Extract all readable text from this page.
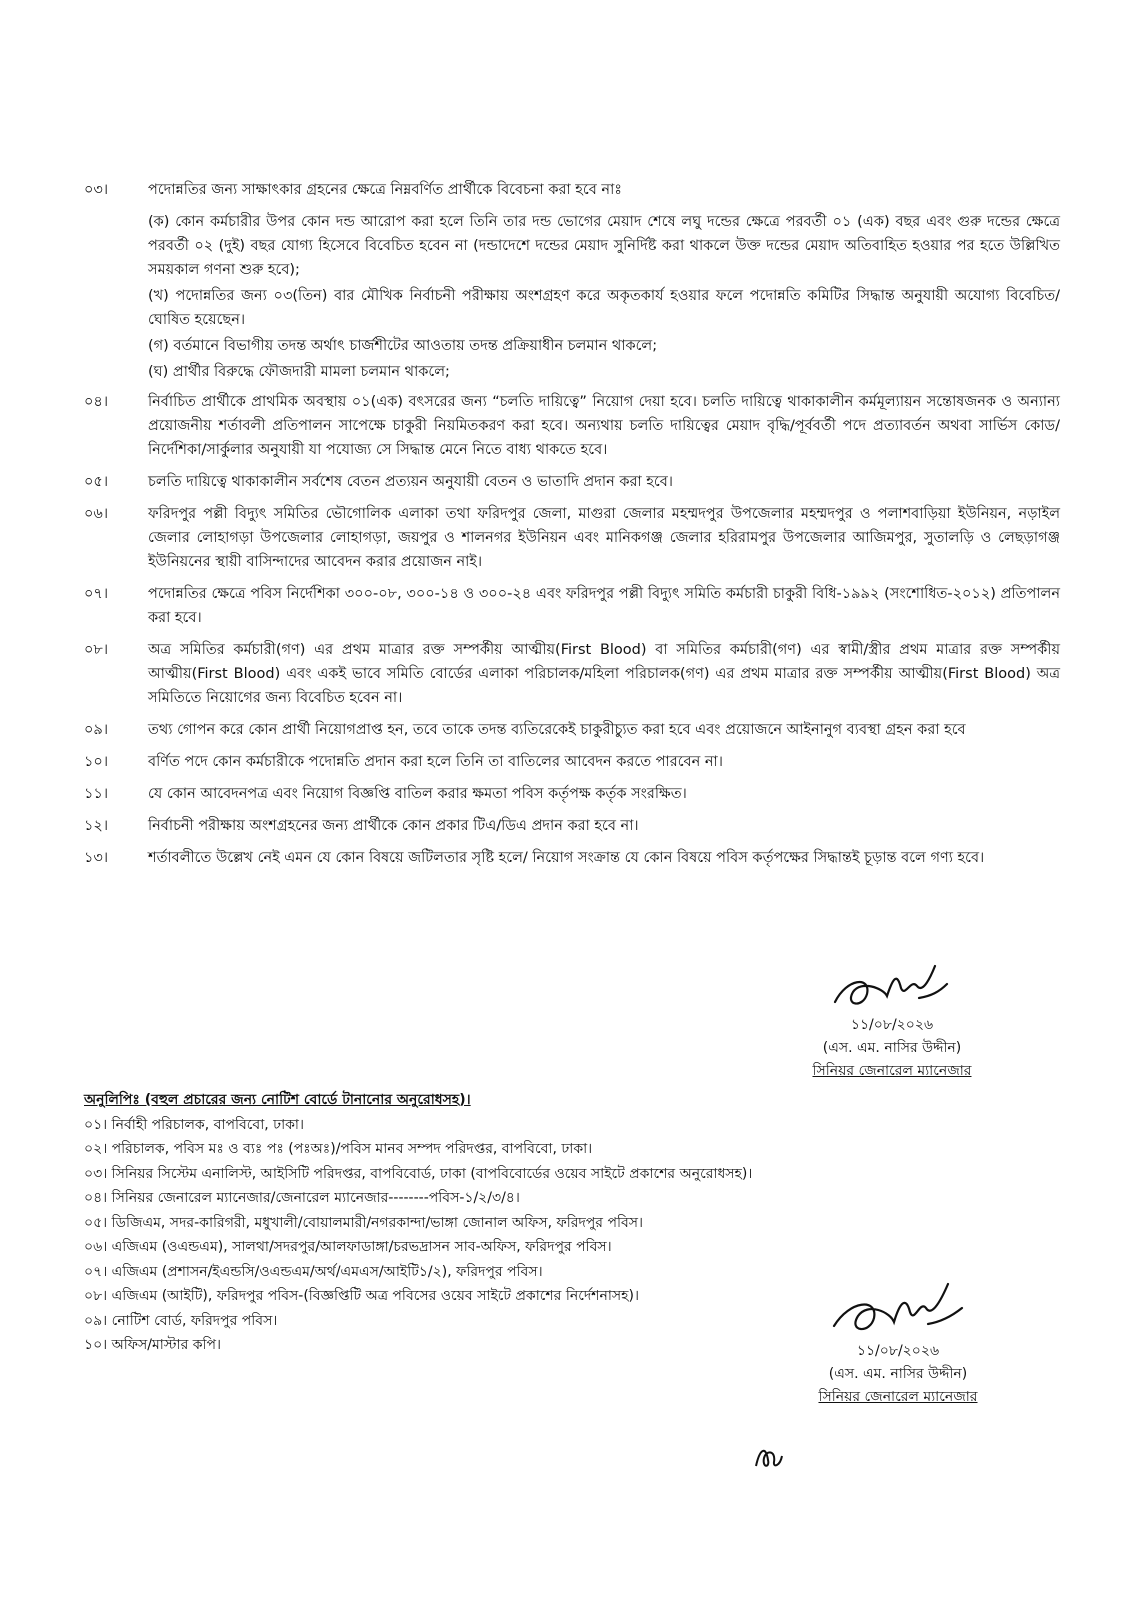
০৩।	পদোন্নতির জন্য সাক্ষাৎকার গ্রহনের ক্ষেত্রে নিম্নবর্ণিত প্রার্থীকে বিবেচনা করা হবে নাঃ
(ক) কোন কর্মচারীর উপর কোন দন্ড আরোপ করা হলে তিনি তার দন্ড ভোগের মেয়াদ শেষে লঘু দন্ডের ক্ষেত্রে পরবর্তী ০১ (এক) বছর এবং গুরু দন্ডের ক্ষেত্রে পরবর্তী ০২ (দুই) বছর যোগ্য হিসেবে বিবেচিত হবেন না (দন্ডাদেশে দন্ডের মেয়াদ সুনির্দিষ্ট করা থাকলে উক্ত দন্ডের মেয়াদ অতিবাহিত হওয়ার পর হতে উল্লিখিত সময়কাল গণনা শুরু হবে);
(খ) পদোন্নতির জন্য ০৩(তিন) বার মৌখিক নির্বাচনী পরীক্ষায় অংশগ্রহণ করে অকৃতকার্য হওয়ার ফলে পদোন্নতি কমিটির সিদ্ধান্ত অনুযায়ী অযোগ্য বিবেচিত/ঘোষিত হয়েছেন।
(গ) বর্তমানে বিভাগীয় তদন্ত অর্থাৎ চার্জশীটের আওতায় তদন্ত প্রক্রিয়াধীন চলমান থাকলে;
(ঘ) প্রার্থীর বিরুদ্ধে ফৌজদারী মামলা চলমান থাকলে;
০৪।	নির্বাচিত প্রার্থীকে প্রাথমিক অবস্থায় ০১(এক) বৎসরের জন্য “চলতি দায়িত্বে” নিয়োগ দেয়া হবে। চলতি দায়িত্বে থাকাকালীন কর্মমূল্যায়ন সন্তোষজনক ও অন্যান্য প্রয়োজনীয় শর্তাবলী প্রতিপালন সাপেক্ষে চাকুরী নিয়মিতকরণ করা হবে। অন্যথায় চলতি দায়িত্বের মেয়াদ বৃদ্ধি/পূর্ববর্তী পদে প্রত্যাবর্তন অথবা সার্ভিস কোড/নির্দেশিকা/সার্কুলার অনুযায়ী যা পযোজ্য সে সিদ্ধান্ত মেনে নিতে বাধ্য থাকতে হবে।
০৫।	চলতি দায়িত্বে থাকাকালীন সর্বশেষ বেতন প্রত্যয়ন অনুযায়ী বেতন ও ভাতাদি প্রদান করা হবে।
০৬।	ফরিদপুর পল্লী বিদ্যুৎ সমিতির ভৌগোলিক এলাকা তথা ফরিদপুর জেলা, মাগুরা জেলার মহম্মদপুর উপজেলার মহম্মদপুর ও পলাশবাড়িয়া ইউনিয়ন, নড়াইল জেলার লোহাগড়া উপজেলার লোহাগড়া, জয়পুর ও শালনগর ইউনিয়ন এবং মানিকগঞ্জ জেলার হরিরামপুর উপজেলার আজিমপুর, সুতালড়ি ও লেছড়াগঞ্জ ইউনিয়নের স্থায়ী বাসিন্দাদের আবেদন করার প্রয়োজন নাই।
০৭।	পদোন্নতির ক্ষেত্রে পবিস নির্দেশিকা ৩০০-০৮, ৩০০-১৪ ও ৩০০-২৪ এবং ফরিদপুর পল্লী বিদ্যুৎ সমিতি কর্মচারী চাকুরী বিধি-১৯৯২ (সংশোধিত-২০১২) প্রতিপালন করা হবে।
০৮।	অত্র সমিতির কর্মচারী(গণ) এর প্রথম মাত্রার রক্ত সম্পর্কীয় আত্মীয়(First Blood) বা সমিতির কর্মচারী(গণ) এর স্বামী/স্ত্রীর প্রথম মাত্রার রক্ত সম্পর্কীয় আত্মীয়(First Blood) এবং একই ভাবে সমিতি বোর্ডের এলাকা পরিচালক/মহিলা পরিচালক(গণ) এর প্রথম মাত্রার রক্ত সম্পর্কীয় আত্মীয়(First Blood) অত্র সমিতিতে নিয়োগের জন্য বিবেচিত হবেন না।
০৯।	তথ্য গোপন করে কোন প্রার্থী নিয়োগপ্রাপ্ত হন, তবে তাকে তদন্ত ব্যতিরেকেই চাকুরীচ্যুত করা হবে এবং প্রয়োজনে আইনানুগ ব্যবস্থা গ্রহন করা হবে
১০।	বর্ণিত পদে কোন কর্মচারীকে পদোন্নতি প্রদান করা হলে তিনি তা বাতিলের আবেদন করতে পারবেন না।
১১।	যে কোন আবেদনপত্র এবং নিয়োগ বিজ্ঞপ্তি বাতিল করার ক্ষমতা পবিস কর্তৃপক্ষ কর্তৃক সংরক্ষিত।
১২।	নির্বাচনী পরীক্ষায় অংশগ্রহনের জন্য প্রার্থীকে কোন প্রকার টিএ/ডিএ প্রদান করা হবে না।
১৩।	শর্তাবলীতে উল্লেখ নেই এমন যে কোন বিষয়ে জটিলতার সৃষ্টি হলে/ নিয়োগ সংক্রান্ত যে কোন বিষয়ে পবিস কর্তৃপক্ষের সিদ্ধান্তই চূড়ান্ত বলে গণ্য হবে।
১১/০৮/২০২৬
(এস. এম. নাসির উদ্দীন)
সিনিয়র জেনারেল ম্যানেজার
অনুলিপিঃ (বহুল প্রচারের জন্য নোটিশ বোর্ডে টানানোর অনুরোধসহ)।
০১। নির্বাহী পরিচালক, বাপবিবো, ঢাকা।
০২। পরিচালক, পবিস মঃ ও ব্যঃ পঃ (পঃঅঃ)/পবিস মানব সম্পদ পরিদপ্তর, বাপবিবো, ঢাকা।
০৩। সিনিয়র সিস্টেম এনালিস্ট, আইসিটি পরিদপ্তর, বাপবিবোর্ড, ঢাকা (বাপবিবোর্ডের ওয়েব সাইটে প্রকাশের অনুরোধসহ)।
০৪। সিনিয়র জেনারেল ম্যানেজার/জেনারেল ম্যানেজার--------পবিস-১/২/৩/৪।
০৫। ডিজিএম, সদর-কারিগরী, মধুখালী/বোয়ালমারী/নগরকান্দা/ভাঙ্গা জোনাল অফিস, ফরিদপুর পবিস।
০৬। এজিএম (ওএন্ডএম), সালথা/সদরপুর/আলফাডাঙ্গা/চরভদ্রাসন সাব-অফিস, ফরিদপুর পবিস।
০৭। এজিএম (প্রশাসন/ইএন্ডসি/ওএন্ডএম/অর্থ/এমএস/আইটি১/২), ফরিদপুর পবিস।
০৮। এজিএম (আইটি), ফরিদপুর পবিস-(বিজ্ঞপ্তিটি অত্র পবিসের ওয়েব সাইটে প্রকাশের নির্দেশনাসহ)।
০৯। নোটিশ বোর্ড, ফরিদপুর পবিস।
১০। অফিস/মাস্টার কপি।	১১/০৮/২০২৬
(এস. এম. নাসির উদ্দীন)
সিনিয়র জেনারেল ম্যানেজার
